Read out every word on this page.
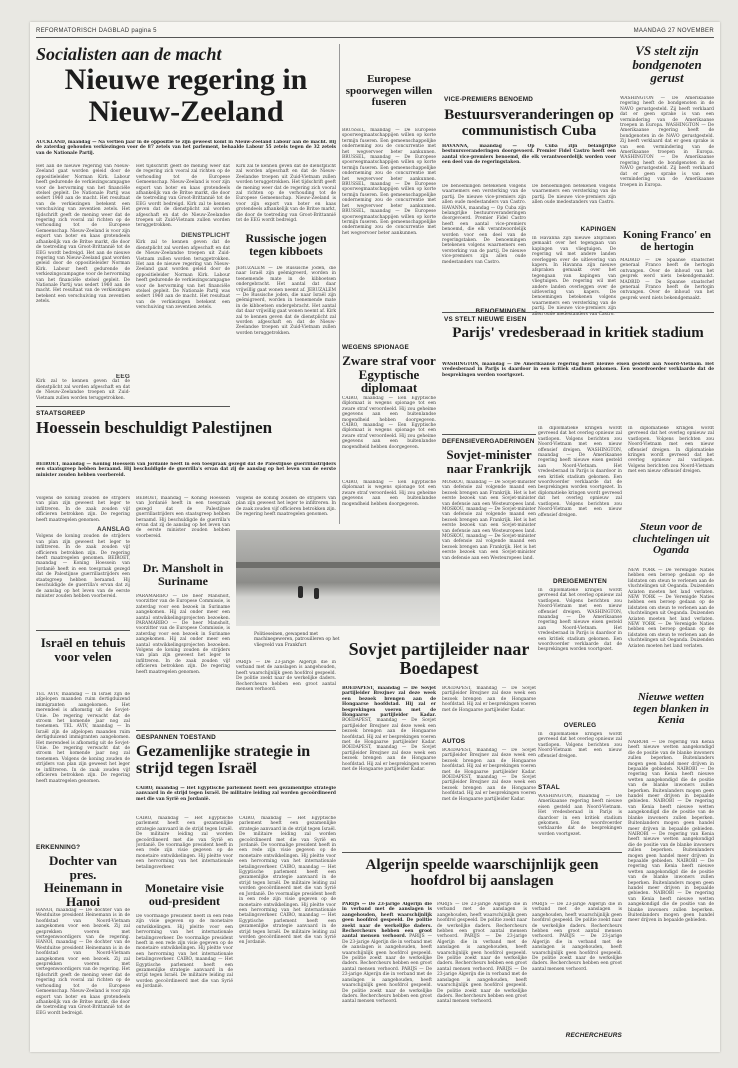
REFORMATORISCH DAGBLAD pagina 5	MAANDAG 27 NOVEMBER
Socialisten aan de macht
Nieuwe regering in Nieuw-Zeeland
AUCKLAND, maandag — Na vertien jaar in de oppositie te zijn geweest komt in Nieuw-Zeeland Labour aan de macht. Bij de zaterdag gehouden verkiezingen voor de 87 zetels van het parlement, behaalde Labour 55 zetels tegen de 32 zetels van de Nationale Partij.
Het aan de nieuwe regering van Nieuw-Zeeland gaat worden geleid door de oppositieleider Norman Kirk. Labour heeft gedurende de verkiezingscampagne voor de hervorming van het financiële stelsel gepleit. De Nationale Partij was sedert 1960 aan de macht. Het resultaat van de verkiezingen betekent een verschuiving van zeventien zetels. Het tijdschrift geeft de mening weer dat de regering zich vooral zal richten op de verhouding tot de Europese Gemeenschap. Nieuw-Zeeland is voor zijn export van boter en kaas grotendeels afhankelijk van de Britse markt, die door de toetreding van Groot-Brittannië tot de EEG wordt bedreigd. Het aan de nieuwe regering van Nieuw-Zeeland gaat worden geleid door de oppositieleider Norman Kirk. Labour heeft gedurende de verkiezingscampagne voor de hervorming van het financiële stelsel gepleit. De Nationale Partij was sedert 1960 aan de macht. Het resultaat van de verkiezingen betekent een verschuiving van zeventien zetels.
Het tijdschrift geeft de mening weer dat de regering zich vooral zal richten op de verhouding tot de Europese Gemeenschap. Nieuw-Zeeland is voor zijn export van boter en kaas grotendeels afhankelijk van de Britse markt, die door de toetreding van Groot-Brittannië tot de EEG wordt bedreigd. Kirk zal te kennen geven dat de dienstplicht zal worden afgeschaft en dat de Nieuw-Zeelandse troepen uit Zuid-Vietnam zullen worden teruggetrokken.
DIENSTPLICHT
Kirk zal te kennen geven dat de dienstplicht zal worden afgeschaft en dat de Nieuw-Zeelandse troepen uit Zuid-Vietnam zullen worden teruggetrokken. Het aan de nieuwe regering van Nieuw-Zeeland gaat worden geleid door de oppositieleider Norman Kirk. Labour heeft gedurende de verkiezingscampagne voor de hervorming van het financiële stelsel gepleit. De Nationale Partij was sedert 1960 aan de macht. Het resultaat van de verkiezingen betekent een verschuiving van zeventien zetels.
Kirk zal te kennen geven dat de dienstplicht zal worden afgeschaft en dat de Nieuw-Zeelandse troepen uit Zuid-Vietnam zullen worden teruggetrokken. Het tijdschrift geeft de mening weer dat de regering zich vooral zal richten op de verhouding tot de Europese Gemeenschap. Nieuw-Zeeland is voor zijn export van boter en kaas grotendeels afhankelijk van de Britse markt, die door de toetreding van Groot-Brittannië tot de EEG wordt bedreigd.
EEG
Kirk zal te kennen geven dat de dienstplicht zal worden afgeschaft en dat de Nieuw-Zeelandse troepen uit Zuid-Vietnam zullen worden teruggetrokken.
Russische jogen tegen kibboets
JERUZALEM — De Russische joden, die naar Israël zijn geëmigreerd, worden in toenemende mate in de kibboetsen ondergebracht. Het aantal dat daar vrijwillig gaat wonen neemt af. JERUZALEM — De Russische joden, die naar Israël zijn geëmigreerd, worden in toenemende mate in de kibboetsen ondergebracht. Het aantal dat daar vrijwillig gaat wonen neemt af. Kirk zal te kennen geven dat de dienstplicht zal worden afgeschaft en dat de Nieuw-Zeelandse troepen uit Zuid-Vietnam zullen worden teruggetrokken.
STAATSGREEP
Hoessein beschuldigt Palestijnen
BEIROET, maandag — Koning Hoessein van Jordanië heeft in een toespraak gezegd dat de Palestijnse guerrillastrijders een staatsgreep hebben beraamd. Hij beschuldigde de guerrilla's ervan dat zij de aanslag op het leven van de eerste minister zouden hebben voorbereid.
Volgens de koning zouden de strijders van plan zijn geweest het leger te infiltreren. In de zaak zouden vijf officieren betrokken zijn. De regering heeft maatregelen genomen.
AANSLAG
Volgens de koning zouden de strijders van plan zijn geweest het leger te infiltreren. In de zaak zouden vijf officieren betrokken zijn. De regering heeft maatregelen genomen. BEIROET, maandag — Koning Hoessein van Jordanië heeft in een toespraak gezegd dat de Palestijnse guerrillastrijders een staatsgreep hebben beraamd. Hij beschuldigde de guerrilla's ervan dat zij de aanslag op het leven van de eerste minister zouden hebben voorbereid.
BEIROET, maandag — Koning Hoessein van Jordanië heeft in een toespraak gezegd dat de Palestijnse guerrillastrijders een staatsgreep hebben beraamd. Hij beschuldigde de guerrilla's ervan dat zij de aanslag op het leven van de eerste minister zouden hebben voorbereid.
Volgens de koning zouden de strijders van plan zijn geweest het leger te infiltreren. In de zaak zouden vijf officieren betrokken zijn. De regering heeft maatregelen genomen.
Dr. Mansholt in Suriname
PARAMARIBO — De heer Mansholt, voorzitter van de Europese Commissie, is zaterdag voor een bezoek in Suriname aangekomen. Hij zal onder meer een aantal ontwikkelingsprojecten bezoeken. PARAMARIBO — De heer Mansholt, voorzitter van de Europese Commissie, is zaterdag voor een bezoek in Suriname aangekomen. Hij zal onder meer een aantal ontwikkelingsprojecten bezoeken. Volgens de koning zouden de strijders van plan zijn geweest het leger te infiltreren. In de zaak zouden vijf officieren betrokken zijn. De regering heeft maatregelen genomen.
Politieseinen, gewapend met machinegeweren, patrouilleren op het vliegveld van Frankfurt
PARIJS — De 23-jarige Algerijn die in verband met de aanslagen is aangehouden, heeft waarschijnlijk geen hoofdrol gespeeld. De politie zoekt naar de werkelijke daders. Rechercheurs hebben een groot aantal mensen verhoord.
Israël en tehuis voor velen
TEL AVIV, maandag — In Israël zijn de afgelopen maanden ruim dertigduizend immigranten aangekomen. Het merendeel is afkomstig uit de Sovjet-Unie. De regering verwacht dat de stroom het komende jaar nog zal toenemen. TEL AVIV, maandag — In Israël zijn de afgelopen maanden ruim dertigduizend immigranten aangekomen. Het merendeel is afkomstig uit de Sovjet-Unie. De regering verwacht dat de stroom het komende jaar nog zal toenemen. Volgens de koning zouden de strijders van plan zijn geweest het leger te infiltreren. In de zaak zouden vijf officieren betrokken zijn. De regering heeft maatregelen genomen.
ERKENNING?
Dochter van pres. Heinemann in Hanoi
HANOI, maandag — De dochter van de Westduitse president Heinemann is in de hoofdstad van Noord-Vietnam aangekomen voor een bezoek. Zij zal gesprekken voeren met vertegenwoordigers van de regering. HANOI, maandag — De dochter van de Westduitse president Heinemann is in de hoofdstad van Noord-Vietnam aangekomen voor een bezoek. Zij zal gesprekken voeren met vertegenwoordigers van de regering. Het tijdschrift geeft de mening weer dat de regering zich vooral zal richten op de verhouding tot de Europese Gemeenschap. Nieuw-Zeeland is voor zijn export van boter en kaas grotendeels afhankelijk van de Britse markt, die door de toetreding van Groot-Brittannië tot de EEG wordt bedreigd.
GESPANNEN TOESTAND
Gezamenlijke strategie in strijd tegen Israël
CAIRO, maandag — Het Egyptische parlement heeft een gezamenlijke strategie aanvaard in de strijd tegen Israël. De militaire leiding zal worden gecoördineerd met die van Syrië en Jordanië.
CAIRO, maandag — Het Egyptische parlement heeft een gezamenlijke strategie aanvaard in de strijd tegen Israël. De militaire leiding zal worden gecoördineerd met die van Syrië en Jordanië. De voormalige president heeft in een rede zijn visie gegeven op de monetaire ontwikkelingen. Hij pleitte voor een hervorming van het internationale betalingsverkeer.
CAIRO, maandag — Het Egyptische parlement heeft een gezamenlijke strategie aanvaard in de strijd tegen Israël. De militaire leiding zal worden gecoördineerd met die van Syrië en Jordanië. De voormalige president heeft in een rede zijn visie gegeven op de monetaire ontwikkelingen. Hij pleitte voor een hervorming van het internationale betalingsverkeer. CAIRO, maandag — Het Egyptische parlement heeft een gezamenlijke strategie aanvaard in de strijd tegen Israël. De militaire leiding zal worden gecoördineerd met die van Syrië en Jordanië. De voormalige president heeft in een rede zijn visie gegeven op de monetaire ontwikkelingen. Hij pleitte voor een hervorming van het internationale betalingsverkeer. CAIRO, maandag — Het Egyptische parlement heeft een gezamenlijke strategie aanvaard in de strijd tegen Israël. De militaire leiding zal worden gecoördineerd met die van Syrië en Jordanië.
Monetaire visie oud-president
De voormalige president heeft in een rede zijn visie gegeven op de monetaire ontwikkelingen. Hij pleitte voor een hervorming van het internationale betalingsverkeer. De voormalige president heeft in een rede zijn visie gegeven op de monetaire ontwikkelingen. Hij pleitte voor een hervorming van het internationale betalingsverkeer. CAIRO, maandag — Het Egyptische parlement heeft een gezamenlijke strategie aanvaard in de strijd tegen Israël. De militaire leiding zal worden gecoördineerd met die van Syrië en Jordanië.
Europese spoorwegen willen fuseren
BRUSSEL, maandag — De Europese spoorwegmaatschappijen willen op korte termijn fuseren. Een gemeenschappelijke onderneming zou de concurrentie met het wegvervoer beter aankunnen. BRUSSEL, maandag — De Europese spoorwegmaatschappijen willen op korte termijn fuseren. Een gemeenschappelijke onderneming zou de concurrentie met het wegvervoer beter aankunnen. BRUSSEL, maandag — De Europese spoorwegmaatschappijen willen op korte termijn fuseren. Een gemeenschappelijke onderneming zou de concurrentie met het wegvervoer beter aankunnen. BRUSSEL, maandag — De Europese spoorwegmaatschappijen willen op korte termijn fuseren. Een gemeenschappelijke onderneming zou de concurrentie met het wegvervoer beter aankunnen.
WEGENS SPIONAGE
Zware straf voor Egyptische diplomaat
CAIRO, maandag — Een Egyptische diplomaat is wegens spionage tot een zware straf veroordeeld. Hij zou geheime gegevens aan een buitenlandse mogendheid hebben doorgegeven. CAIRO, maandag — Een Egyptische diplomaat is wegens spionage tot een zware straf veroordeeld. Hij zou geheime gegevens aan een buitenlandse mogendheid hebben doorgegeven.
VICE-PREMIERS BENOEMD
Bestuursveranderingen op communistisch Cuba
HAVANNA, maandag — Op Cuba zijn belangrijke bestuursveranderingen doorgevoerd. Premier Fidel Castro heeft een aantal vice-premiers benoemd, die elk verantwoordelijk worden voor een deel van de regeringstaken.
De benoemingen betekenen volgens waarnemers een versterking van de partij. De nieuwe vice-premiers zijn allen oude medestanders van Castro. HAVANNA, maandag — Op Cuba zijn belangrijke bestuursveranderingen doorgevoerd. Premier Fidel Castro heeft een aantal vice-premiers benoemd, die elk verantwoordelijk worden voor een deel van de regeringstaken. De benoemingen betekenen volgens waarnemers een versterking van de partij. De nieuwe vice-premiers zijn allen oude medestanders van Castro.
De benoemingen betekenen volgens waarnemers een versterking van de partij. De nieuwe vice-premiers zijn allen oude medestanders van Castro.
KAPINGEN
In Havanna zijn nieuwe afspraken gemaakt over het tegengaan van kapingen van vliegtuigen. De regering wil met andere landen overleggen over de uitlevering van kapers. In Havanna zijn nieuwe afspraken gemaakt over het tegengaan van kapingen van vliegtuigen. De regering wil met andere landen overleggen over de uitlevering van kapers. De benoemingen betekenen volgens waarnemers een versterking van de partij. De nieuwe vice-premiers zijn allen oude medestanders van Castro.
BENOEMINGEN
DEFENSIEVERGADERINGEN
Sovjet-minister naar Frankrijk
MOSKOU, maandag — De Sovjet-minister van defensie zal volgende maand een bezoek brengen aan Frankrijk. Het is het eerste bezoek van een Sovjet-minister van defensie aan een Westeuropees land. MOSKOU, maandag — De Sovjet-minister van defensie zal volgende maand een bezoek brengen aan Frankrijk. Het is het eerste bezoek van een Sovjet-minister van defensie aan een Westeuropees land. MOSKOU, maandag — De Sovjet-minister van defensie zal volgende maand een bezoek brengen aan Frankrijk. Het is het eerste bezoek van een Sovjet-minister van defensie aan een Westeuropees land.
CAIRO, maandag — Een Egyptische diplomaat is wegens spionage tot een zware straf veroordeeld. Hij zou geheime gegevens aan een buitenlandse mogendheid hebben doorgegeven.
VS stelt zijn bondgenoten gerust
WASHINGTON — De Amerikaanse regering heeft de bondgenoten in de NAVO gerustgesteld. Zij heeft verklaard dat er geen sprake is van een vermindering van de Amerikaanse troepen in Europa. WASHINGTON — De Amerikaanse regering heeft de bondgenoten in de NAVO gerustgesteld. Zij heeft verklaard dat er geen sprake is van een vermindering van de Amerikaanse troepen in Europa. WASHINGTON — De Amerikaanse regering heeft de bondgenoten in de NAVO gerustgesteld. Zij heeft verklaard dat er geen sprake is van een vermindering van de Amerikaanse troepen in Europa.
Koning Franco' en de hertogin
MADRID — De Spaanse staatschef generaal Franco heeft de hertogin ontvangen. Over de inhoud van het gesprek werd niets bekendgemaakt. MADRID — De Spaanse staatschef generaal Franco heeft de hertogin ontvangen. Over de inhoud van het gesprek werd niets bekendgemaakt.
VS STELT NIEUWE EISEN
Parijs' vredesberaad in kritiek stadium
WASHINGTON, maandag — De Amerikaanse regering heeft nieuwe eisen gesteld aan Noord-Vietnam. Het vredesberaad in Parijs is daardoor in een kritiek stadium gekomen. Een woordvoerder verklaarde dat de besprekingen worden voortgezet.
In diplomatieke kringen wordt gevreesd dat het overleg opnieuw zal vastlopen. Volgens berichten zou Noord-Vietnam met een nieuw offensief dreigen. WASHINGTON, maandag — De Amerikaanse regering heeft nieuwe eisen gesteld aan Noord-Vietnam. Het vredesberaad in Parijs is daardoor in een kritiek stadium gekomen. Een woordvoerder verklaarde dat de besprekingen worden voortgezet. In diplomatieke kringen wordt gevreesd dat het overleg opnieuw zal vastlopen. Volgens berichten zou Noord-Vietnam met een nieuw offensief dreigen.
DREIGEMENTEN
In diplomatieke kringen wordt gevreesd dat het overleg opnieuw zal vastlopen. Volgens berichten zou Noord-Vietnam met een nieuw offensief dreigen. WASHINGTON, maandag — De Amerikaanse regering heeft nieuwe eisen gesteld aan Noord-Vietnam. Het vredesberaad in Parijs is daardoor in een kritiek stadium gekomen. Een woordvoerder verklaarde dat de besprekingen worden voortgezet.
OVERLEG
In diplomatieke kringen wordt gevreesd dat het overleg opnieuw zal vastlopen. Volgens berichten zou Noord-Vietnam met een nieuw offensief dreigen.
STAAL
WASHINGTON, maandag — De Amerikaanse regering heeft nieuwe eisen gesteld aan Noord-Vietnam. Het vredesberaad in Parijs is daardoor in een kritiek stadium gekomen. Een woordvoerder verklaarde dat de besprekingen worden voortgezet.
In diplomatieke kringen wordt gevreesd dat het overleg opnieuw zal vastlopen. Volgens berichten zou Noord-Vietnam met een nieuw offensief dreigen. In diplomatieke kringen wordt gevreesd dat het overleg opnieuw zal vastlopen. Volgens berichten zou Noord-Vietnam met een nieuw offensief dreigen.
Steun voor de cluchtelingen uit Oganda
NEW YORK — De Verenigde Naties hebben een beroep gedaan op de lidstaten om steun te verlenen aan de vluchtelingen uit Oeganda. Duizenden Aziaten moeten het land verlaten. NEW YORK — De Verenigde Naties hebben een beroep gedaan op de lidstaten om steun te verlenen aan de vluchtelingen uit Oeganda. Duizenden Aziaten moeten het land verlaten. NEW YORK — De Verenigde Naties hebben een beroep gedaan op de lidstaten om steun te verlenen aan de vluchtelingen uit Oeganda. Duizenden Aziaten moeten het land verlaten.
Nieuwe wetten tegen blanken in Kenia
NAIROBI — De regering van Kenia heeft nieuwe wetten aangekondigd die de positie van de blanke inwoners zullen beperken. Buitenlanders mogen geen handel meer drijven in bepaalde gebieden. NAIROBI — De regering van Kenia heeft nieuwe wetten aangekondigd die de positie van de blanke inwoners zullen beperken. Buitenlanders mogen geen handel meer drijven in bepaalde gebieden. NAIROBI — De regering van Kenia heeft nieuwe wetten aangekondigd die de positie van de blanke inwoners zullen beperken. Buitenlanders mogen geen handel meer drijven in bepaalde gebieden. NAIROBI — De regering van Kenia heeft nieuwe wetten aangekondigd die de positie van de blanke inwoners zullen beperken. Buitenlanders mogen geen handel meer drijven in bepaalde gebieden. NAIROBI — De regering van Kenia heeft nieuwe wetten aangekondigd die de positie van de blanke inwoners zullen beperken. Buitenlanders mogen geen handel meer drijven in bepaalde gebieden. NAIROBI — De regering van Kenia heeft nieuwe wetten aangekondigd die de positie van de blanke inwoners zullen beperken. Buitenlanders mogen geen handel meer drijven in bepaalde gebieden.
Sovjet partijleider naar Boedapest
BOEDAPEST, maandag — De Sovjet partijleider Brezjnev zal deze week een bezoek brengen aan de Hongaarse hoofdstad. Hij zal er besprekingen voeren met de Hongaarse partijleider Kadar. BOEDAPEST, maandag — De Sovjet partijleider Brezjnev zal deze week een bezoek brengen aan de Hongaarse hoofdstad. Hij zal er besprekingen voeren met de Hongaarse partijleider Kadar. BOEDAPEST, maandag — De Sovjet partijleider Brezjnev zal deze week een bezoek brengen aan de Hongaarse hoofdstad. Hij zal er besprekingen voeren met de Hongaarse partijleider Kadar.
BOEDAPEST, maandag — De Sovjet partijleider Brezjnev zal deze week een bezoek brengen aan de Hongaarse hoofdstad. Hij zal er besprekingen voeren met de Hongaarse partijleider Kadar.
AUTOS
BOEDAPEST, maandag — De Sovjet partijleider Brezjnev zal deze week een bezoek brengen aan de Hongaarse hoofdstad. Hij zal er besprekingen voeren met de Hongaarse partijleider Kadar. BOEDAPEST, maandag — De Sovjet partijleider Brezjnev zal deze week een bezoek brengen aan de Hongaarse hoofdstad. Hij zal er besprekingen voeren met de Hongaarse partijleider Kadar.
Algerijn speelde waarschijnlijk geen hoofdrol bij aanslagen
PARIJS — De 23-jarige Algerijn die in verband met de aanslagen is aangehouden, heeft waarschijnlijk geen hoofdrol gespeeld. De politie zoekt naar de werkelijke daders. Rechercheurs hebben een groot aantal mensen verhoord. PARIJS — De 23-jarige Algerijn die in verband met de aanslagen is aangehouden, heeft waarschijnlijk geen hoofdrol gespeeld. De politie zoekt naar de werkelijke daders. Rechercheurs hebben een groot aantal mensen verhoord. PARIJS — De 23-jarige Algerijn die in verband met de aanslagen is aangehouden, heeft waarschijnlijk geen hoofdrol gespeeld. De politie zoekt naar de werkelijke daders. Rechercheurs hebben een groot aantal mensen verhoord.
PARIJS — De 23-jarige Algerijn die in verband met de aanslagen is aangehouden, heeft waarschijnlijk geen hoofdrol gespeeld. De politie zoekt naar de werkelijke daders. Rechercheurs hebben een groot aantal mensen verhoord. PARIJS — De 23-jarige Algerijn die in verband met de aanslagen is aangehouden, heeft waarschijnlijk geen hoofdrol gespeeld. De politie zoekt naar de werkelijke daders. Rechercheurs hebben een groot aantal mensen verhoord. PARIJS — De 23-jarige Algerijn die in verband met de aanslagen is aangehouden, heeft waarschijnlijk geen hoofdrol gespeeld. De politie zoekt naar de werkelijke daders. Rechercheurs hebben een groot aantal mensen verhoord.
PARIJS — De 23-jarige Algerijn die in verband met de aanslagen is aangehouden, heeft waarschijnlijk geen hoofdrol gespeeld. De politie zoekt naar de werkelijke daders. Rechercheurs hebben een groot aantal mensen verhoord. PARIJS — De 23-jarige Algerijn die in verband met de aanslagen is aangehouden, heeft waarschijnlijk geen hoofdrol gespeeld. De politie zoekt naar de werkelijke daders. Rechercheurs hebben een groot aantal mensen verhoord.
RECHERCHEURS
